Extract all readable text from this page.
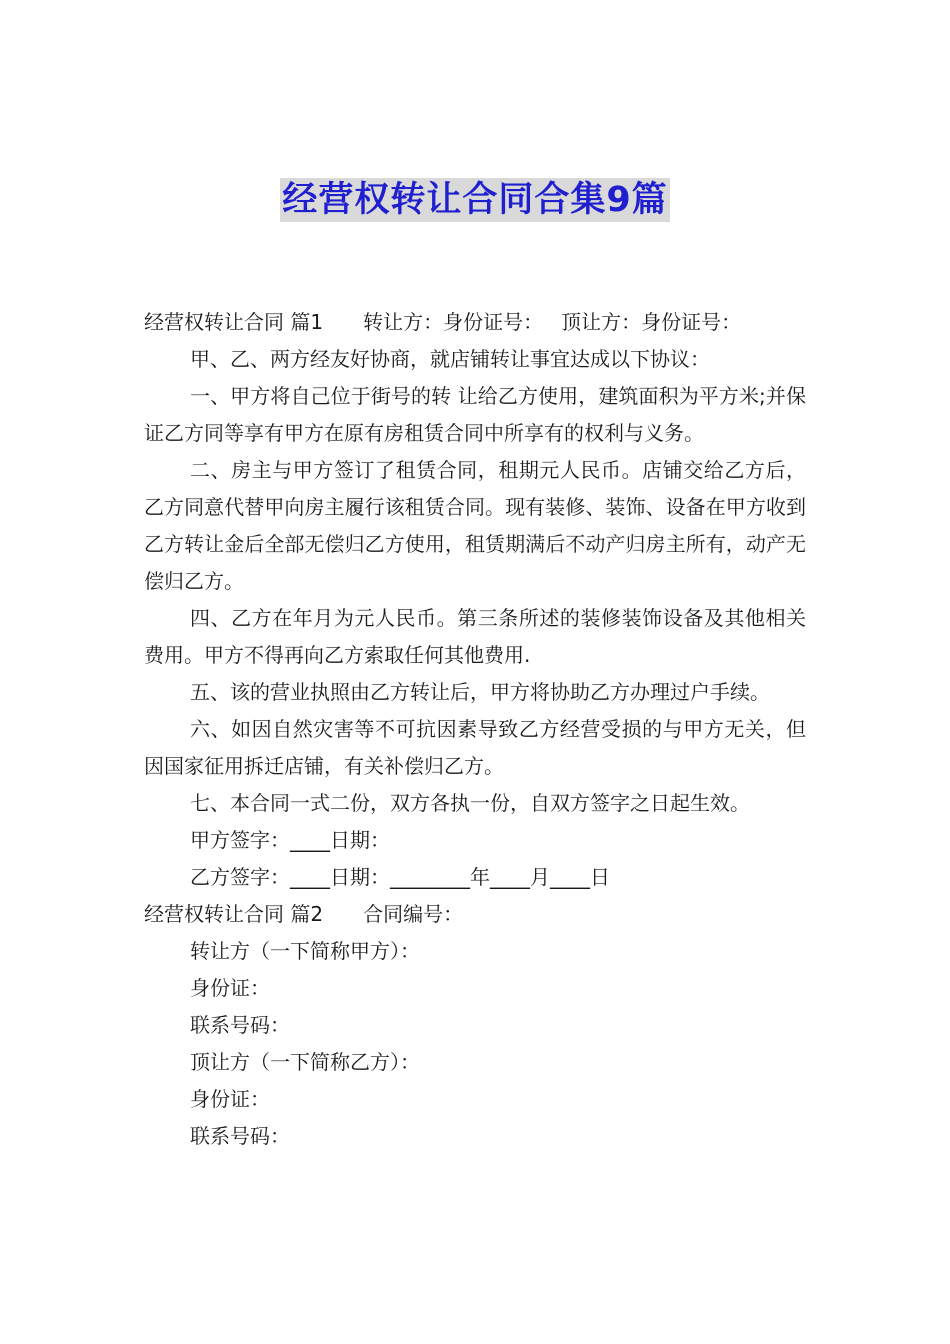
经营权转让合同合集9篇
经营权转让合同 篇1 转让方：身份证号： 顶让方：身份证号：
甲、乙、两方经友好协商，就店铺转让事宜达成以下协议：
一、甲方将自己位于街号的转 让给乙方使用，建筑面积为平方米;并保证乙方同等享有甲方在原有房租赁合同中所享有的权利与义务。
二、房主与甲方签订了租赁合同，租期元人民币。店铺交给乙方后，乙方同意代替甲向房主履行该租赁合同。现有装修、装饰、设备在甲方收到乙方转让金后全部无偿归乙方使用，租赁期满后不动产归房主所有，动产无偿归乙方。
四、乙方在年月为元人民币。第三条所述的装修装饰设备及其他相关费用。甲方不得再向乙方索取任何其他费用.
五、该的营业执照由乙方转让后，甲方将协助乙方办理过户手续。
六、如因自然灾害等不可抗因素导致乙方经营受损的与甲方无关，但因国家征用拆迁店铺，有关补偿归乙方。
七、本合同一式二份，双方各执一份，自双方签字之日起生效。
甲方签字：____日期：
乙方签字：____日期：________年____月____日
经营权转让合同 篇2 合同编号：
转让方（一下简称甲方）：
身份证：
联系号码：
顶让方（一下简称乙方）：
身份证：
联系号码：
